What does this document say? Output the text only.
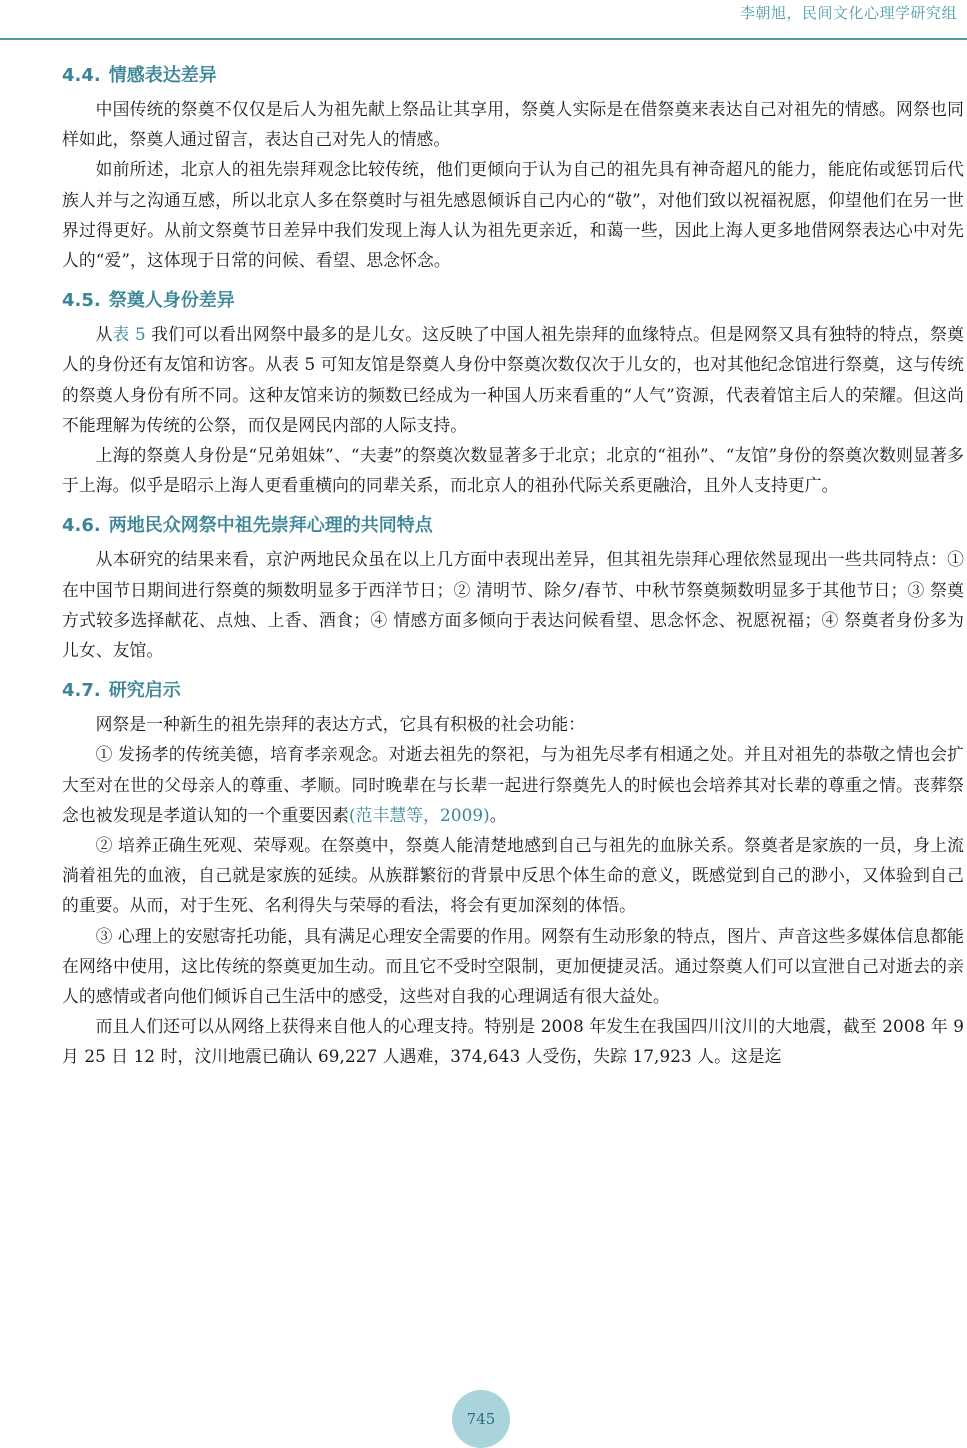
李朝旭，民间文化心理学研究组
4.4. 情感表达差异

中国传统的祭奠不仅仅是后人为祖先献上祭品让其享用，祭奠人实际是在借祭奠来表达自己对祖先的情感。网祭也同样如此，祭奠人通过留言，表达自己对先人的情感。

如前所述，北京人的祖先崇拜观念比较传统，他们更倾向于认为自己的祖先具有神奇超凡的能力，能庇佑或惩罚后代族人并与之沟通互感，所以北京人多在祭奠时与祖先感恩倾诉自己内心的“敬”，对他们致以祝福祝愿，仰望他们在另一世界过得更好。从前文祭奠节日差异中我们发现上海人认为祖先更亲近，和蔼一些，因此上海人更多地借网祭表达心中对先人的“爱”，这体现于日常的问候、看望、思念怀念。

4.5. 祭奠人身份差异

从表 5 我们可以看出网祭中最多的是儿女。这反映了中国人祖先崇拜的血缘特点。但是网祭又具有独特的特点，祭奠人的身份还有友馆和访客。从表 5 可知友馆是祭奠人身份中祭奠次数仅次于儿女的，也对其他纪念馆进行祭奠，这与传统的祭奠人身份有所不同。这种友馆来访的频数已经成为一种国人历来看重的“人气”资源，代表着馆主后人的荣耀。但这尚不能理解为传统的公祭，而仅是网民内部的人际支持。

上海的祭奠人身份是“兄弟姐妹”、“夫妻”的祭奠次数显著多于北京；北京的“祖孙”、“友馆”身份的祭奠次数则显著多于上海。似乎是昭示上海人更看重横向的同辈关系，而北京人的祖孙代际关系更融洽，且外人支持更广。

4.6. 两地民众网祭中祖先崇拜心理的共同特点

从本研究的结果来看，京沪两地民众虽在以上几方面中表现出差异，但其祖先崇拜心理依然显现出一些共同特点：① 在中国节日期间进行祭奠的频数明显多于西洋节日；② 清明节、除夕/春节、中秋节祭奠频数明显多于其他节日；③ 祭奠方式较多选择献花、点烛、上香、酒食；④ 情感方面多倾向于表达问候看望、思念怀念、祝愿祝福；④ 祭奠者身份多为儿女、友馆。

4.7. 研究启示

网祭是一种新生的祖先崇拜的表达方式，它具有积极的社会功能：

① 发扬孝的传统美德，培育孝亲观念。对逝去祖先的祭祀，与为祖先尽孝有相通之处。并且对祖先的恭敬之情也会扩大至对在世的父母亲人的尊重、孝顺。同时晚辈在与长辈一起进行祭奠先人的时候也会培养其对长辈的尊重之情。丧葬祭念也被发现是孝道认知的一个重要因素(范丰慧等，2009)。

② 培养正确生死观、荣辱观。在祭奠中，祭奠人能清楚地感到自己与祖先的血脉关系。祭奠者是家族的一员，身上流淌着祖先的血液，自己就是家族的延续。从族群繁衍的背景中反思个体生命的意义，既感觉到自己的渺小，又体验到自己的重要。从而，对于生死、名利得失与荣辱的看法，将会有更加深刻的体悟。

③ 心理上的安慰寄托功能，具有满足心理安全需要的作用。网祭有生动形象的特点，图片、声音这些多媒体信息都能在网络中使用，这比传统的祭奠更加生动。而且它不受时空限制，更加便捷灵活。通过祭奠人们可以宣泄自己对逝去的亲人的感情或者向他们倾诉自己生活中的感受，这些对自我的心理调适有很大益处。

而且人们还可以从网络上获得来自他人的心理支持。特别是 2008 年发生在我国四川汶川的大地震，截至 2008 年 9 月 25 日 12 时，汶川地震已确认 69,227 人遇难，374,643 人受伤，失踪 17,923 人。这是迄

745
